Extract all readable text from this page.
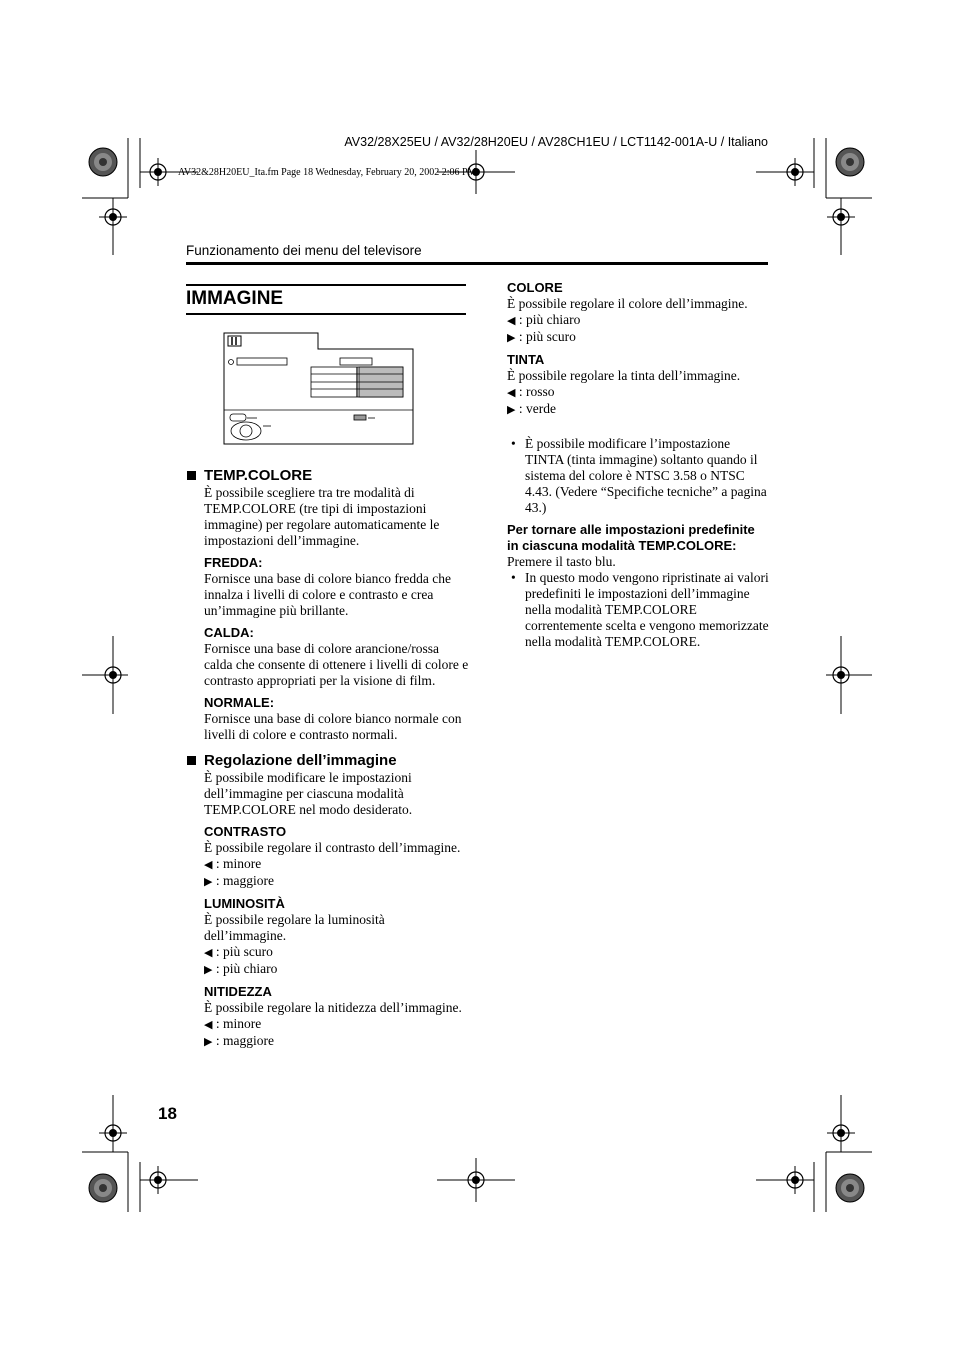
AV32/28X25EU / AV32/28H20EU / AV28CH1EU / LCT1142-001A-U / Italiano
AV32&28H20EU_Ita.fm Page 18 Wednesday, February 20, 2002 2:06 PM
Funzionamento dei menu del televisore
IMMAGINE

TEMP.COLORE

È possibile scegliere tra tre modalità di TEMP.COLORE (tre tipi di impostazioni immagine) per regolare automaticamente le impostazioni dell’immagine.

FREDDA:

Fornisce una base di colore bianco fredda che innalza i livelli di colore e contrasto e crea un’immagine più brillante.

CALDA:

Fornisce una base di colore arancione/rossa calda che consente di ottenere i livelli di colore e contrasto appropriati per la visione di film.

NORMALE:

Fornisce una base di colore bianco normale con livelli di colore e contrasto normali.

Regolazione dell’immagine

È possibile modificare le impostazioni dell’immagine per ciascuna modalità TEMP.COLORE nel modo desiderato.

CONTRASTO

È possibile regolare il contrasto dell’immagine.

◀ : minore

▶ : maggiore

LUMINOSITÀ

È possibile regolare la luminosità dell’immagine.

◀ : più scuro

▶ : più chiaro

NITIDEZZA

È possibile regolare la nitidezza dell’immagine.

◀ : minore

▶ : maggiore

COLORE

È possibile regolare il colore dell’immagine.

◀ : più chiaro

▶ : più scuro

TINTA

È possibile regolare la tinta dell’immagine.

◀ : rosso

▶ : verde

• È possibile modificare l’impostazione TINTA (tinta immagine) soltanto quando il sistema del colore è NTSC 3.58 o NTSC 4.43. (Vedere “Specifiche tecniche” a pagina 43.)

Per tornare alle impostazioni predefinite in ciascuna modalità TEMP.COLORE:

Premere il tasto blu.

• In questo modo vengono ripristinate ai valori predefiniti le impostazioni dell’immagine nella modalità TEMP.COLORE correntemente scelta e vengono memorizzate nella modalità TEMP.COLORE.

18
